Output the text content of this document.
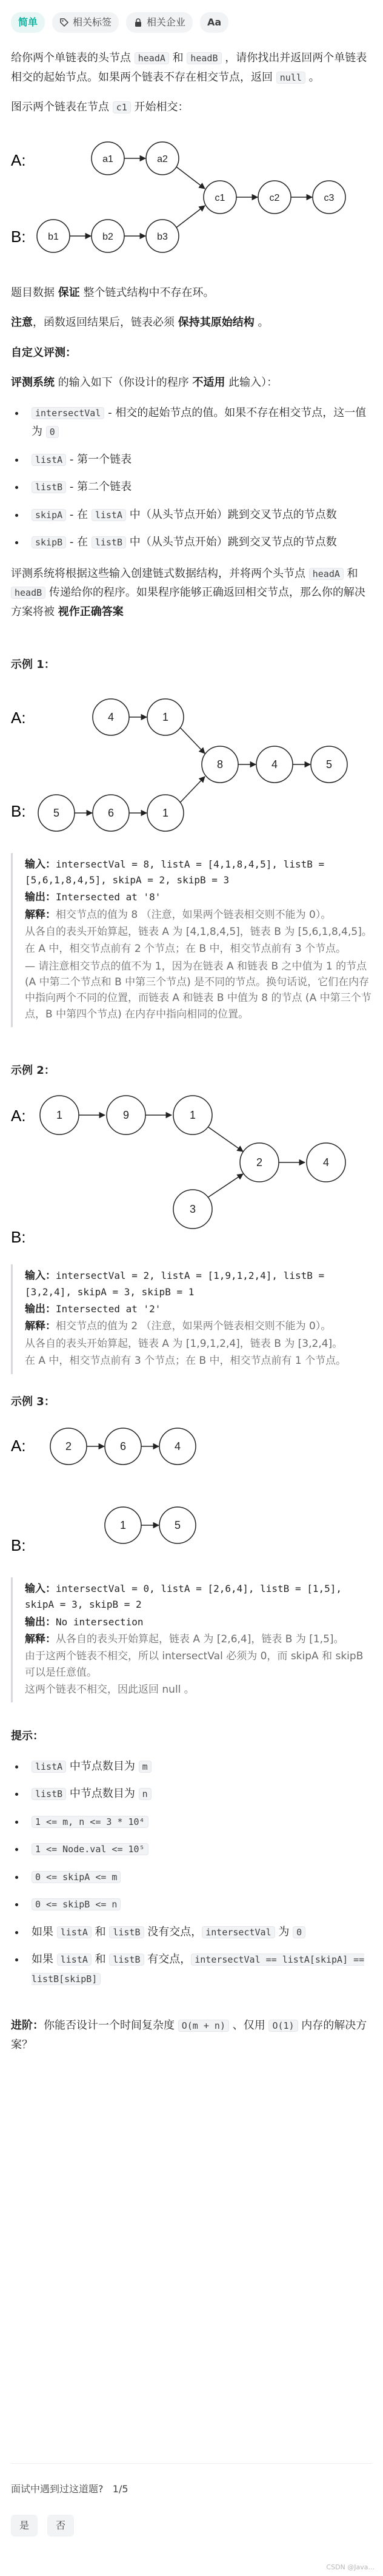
简单	相关标签	相关企业	Aa

给你两个单链表的头节点 headA 和 headB ，请你找出并返回两个单链表相交的起始节点。如果两个链表不存在相交节点，返回 null 。

图示两个链表在节点 c1 开始相交：

A:
B:
a1	a2
b1	b2	b3
c1	c2	c3

题目数据 保证 整个链式结构中不存在环。

注意，函数返回结果后，链表必须 保持其原始结构 。

自定义评测：

评测系统 的输入如下（你设计的程序 不适用 此输入）：

• intersectVal - 相交的起始节点的值。如果不存在相交节点，这一值为 0
• listA - 第一个链表
• listB - 第二个链表
• skipA - 在 listA 中（从头节点开始）跳到交叉节点的节点数
• skipB - 在 listB 中（从头节点开始）跳到交叉节点的节点数

评测系统将根据这些输入创建链式数据结构，并将两个头节点 headA 和 headB 传递给你的程序。如果程序能够正确返回相交节点，那么你的解决方案将被 视作正确答案

示例 1：
A:
B:
4	1
5	6	1
8	4	5
输入：intersectVal = 8, listA = [4,1,8,4,5], listB = [5,6,1,8,4,5], skipA = 2, skipB = 3
输出：Intersected at '8'
解释：相交节点的值为 8 （注意，如果两个链表相交则不能为 0）。
从各自的表头开始算起，链表 A 为 [4,1,8,4,5]，链表 B 为 [5,6,1,8,4,5]。
在 A 中，相交节点前有 2 个节点；在 B 中，相交节点前有 3 个节点。
— 请注意相交节点的值不为 1，因为在链表 A 和链表 B 之中值为 1 的节点 (A 中第二个节点和 B 中第三个节点) 是不同的节点。换句话说，它们在内存中指向两个不同的位置，而链表 A 和链表 B 中值为 8 的节点 (A 中第三个节点，B 中第四个节点) 在内存中指向相同的位置。
示例 2：
A:
B:
1	9	1
3
2	4
输入：intersectVal = 2, listA = [1,9,1,2,4], listB = [3,2,4], skipA = 3, skipB = 1
输出：Intersected at '2'
解释：相交节点的值为 2 （注意，如果两个链表相交则不能为 0）。
从各自的表头开始算起，链表 A 为 [1,9,1,2,4]，链表 B 为 [3,2,4]。
在 A 中，相交节点前有 3 个节点；在 B 中，相交节点前有 1 个节点。
示例 3：
A:
B:
2	6	4
1	5
输入：intersectVal = 0, listA = [2,6,4], listB = [1,5], skipA = 3, skipB = 2
输出：No intersection
解释：从各自的表头开始算起，链表 A 为 [2,6,4]，链表 B 为 [1,5]。
由于这两个链表不相交，所以 intersectVal 必须为 0，而 skipA 和 skipB 可以是任意值。
这两个链表不相交，因此返回 null 。

提示：

• listA 中节点数目为 m
• listB 中节点数目为 n
• 1 <= m, n <= 3 * 10⁴
• 1 <= Node.val <= 10⁵
• 0 <= skipA <= m
• 0 <= skipB <= n
• 如果 listA 和 listB 没有交点， intersectVal 为 0
• 如果 listA 和 listB 有交点， intersectVal == listA[skipA] == listB[skipB]

进阶：你能否设计一个时间复杂度 O(m + n) 、仅用 O(1) 内存的解决方案？

面试中遇到过这道题? 1/5
是	否
CSDN @Java...
